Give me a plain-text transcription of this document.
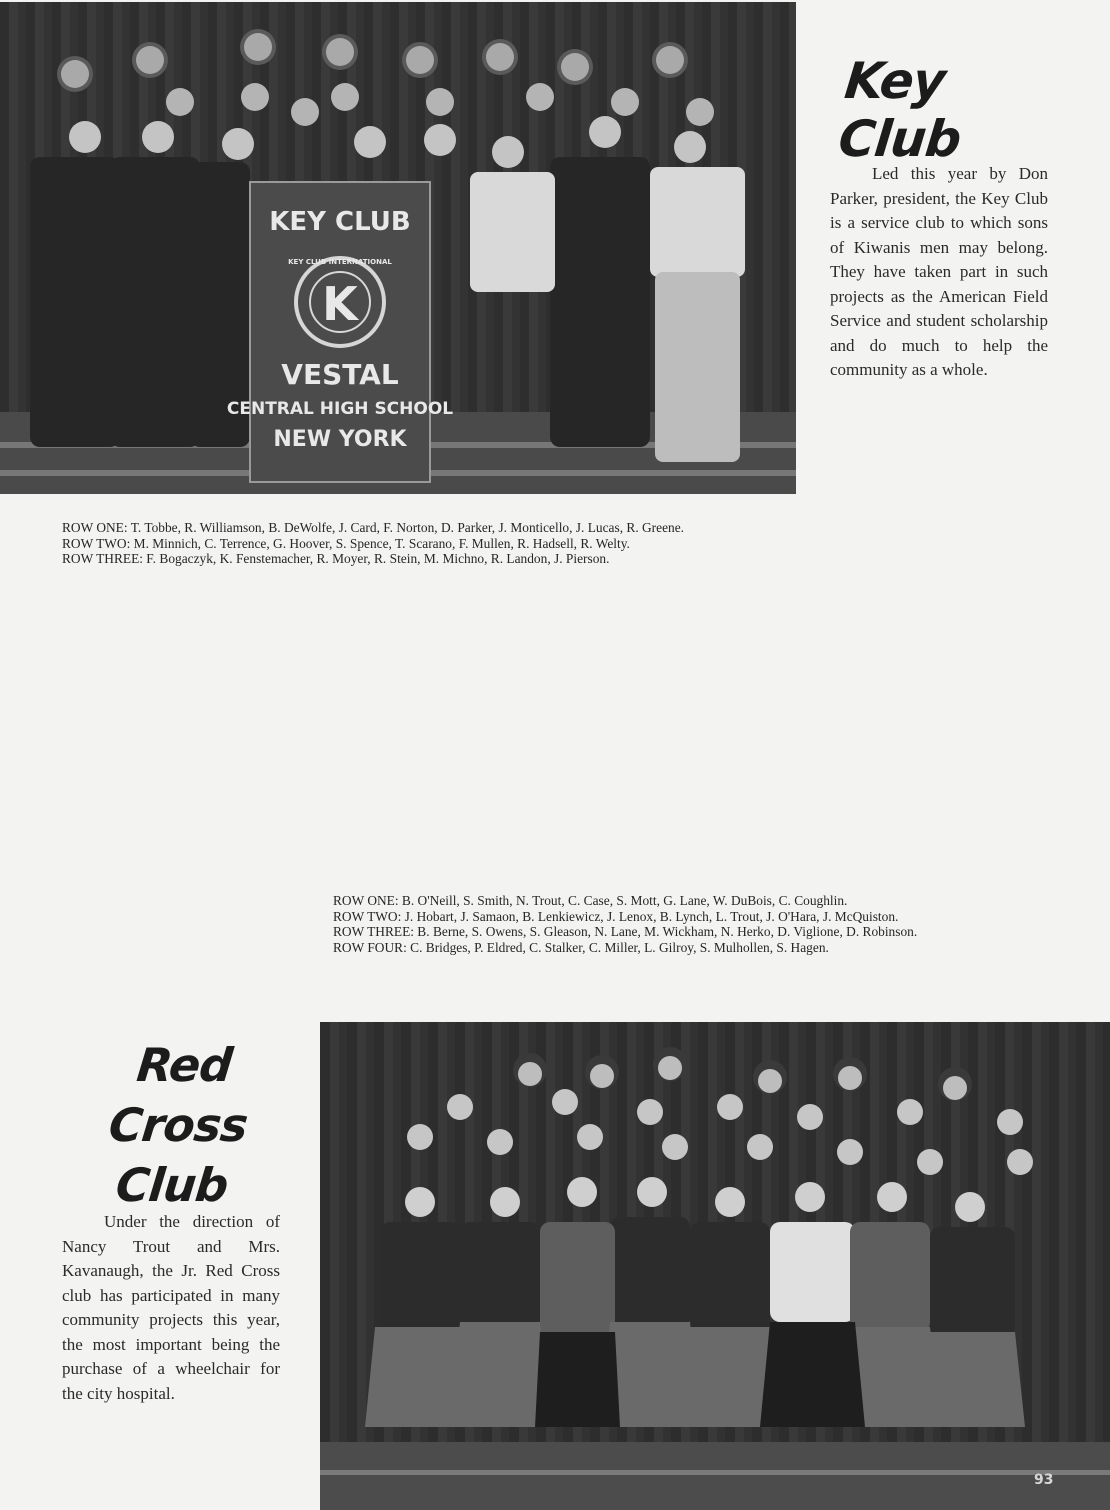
KEY CLUB
K
VESTAL
CENTRAL HIGH SCHOOL
NEW YORK
KEY CLUB INTERNATIONAL
Key Club

Led this year by Don Parker, president, the Key Club is a service club to which sons of Kiwanis men may belong. They have taken part in such projects as the American Field Service and student scholarship and do much to help the community as a whole.

ROW ONE: T. Tobbe, R. Williamson, B. DeWolfe, J. Card, F. Norton, D. Parker, J. Monticello, J. Lucas, R. Greene.
ROW TWO: M. Minnich, C. Terrence, G. Hoover, S. Spence, T. Scarano, F. Mullen, R. Hadsell, R. Welty.
ROW THREE: F. Bogaczyk, K. Fenstemacher, R. Moyer, R. Stein, M. Michno, R. Landon, J. Pierson.
ROW ONE: B. O'Neill, S. Smith, N. Trout, C. Case, S. Mott, G. Lane, W. DuBois, C. Coughlin.
ROW TWO: J. Hobart, J. Samaon, B. Lenkiewicz, J. Lenox, B. Lynch, L. Trout, J. O'Hara, J. McQuiston.
ROW THREE: B. Berne, S. Owens, S. Gleason, N. Lane, M. Wickham, N. Herko, D. Viglione, D. Robinson.
ROW FOUR: C. Bridges, P. Eldred, C. Stalker, C. Miller, L. Gilroy, S. Mulhollen, S. Hagen.
Red Cross
Club

Under the direction of Nancy Trout and Mrs. Kavanaugh, the Jr. Red Cross club has participated in many community projects this year, the most important being the purchase of a wheelchair for the city hospital.

93
